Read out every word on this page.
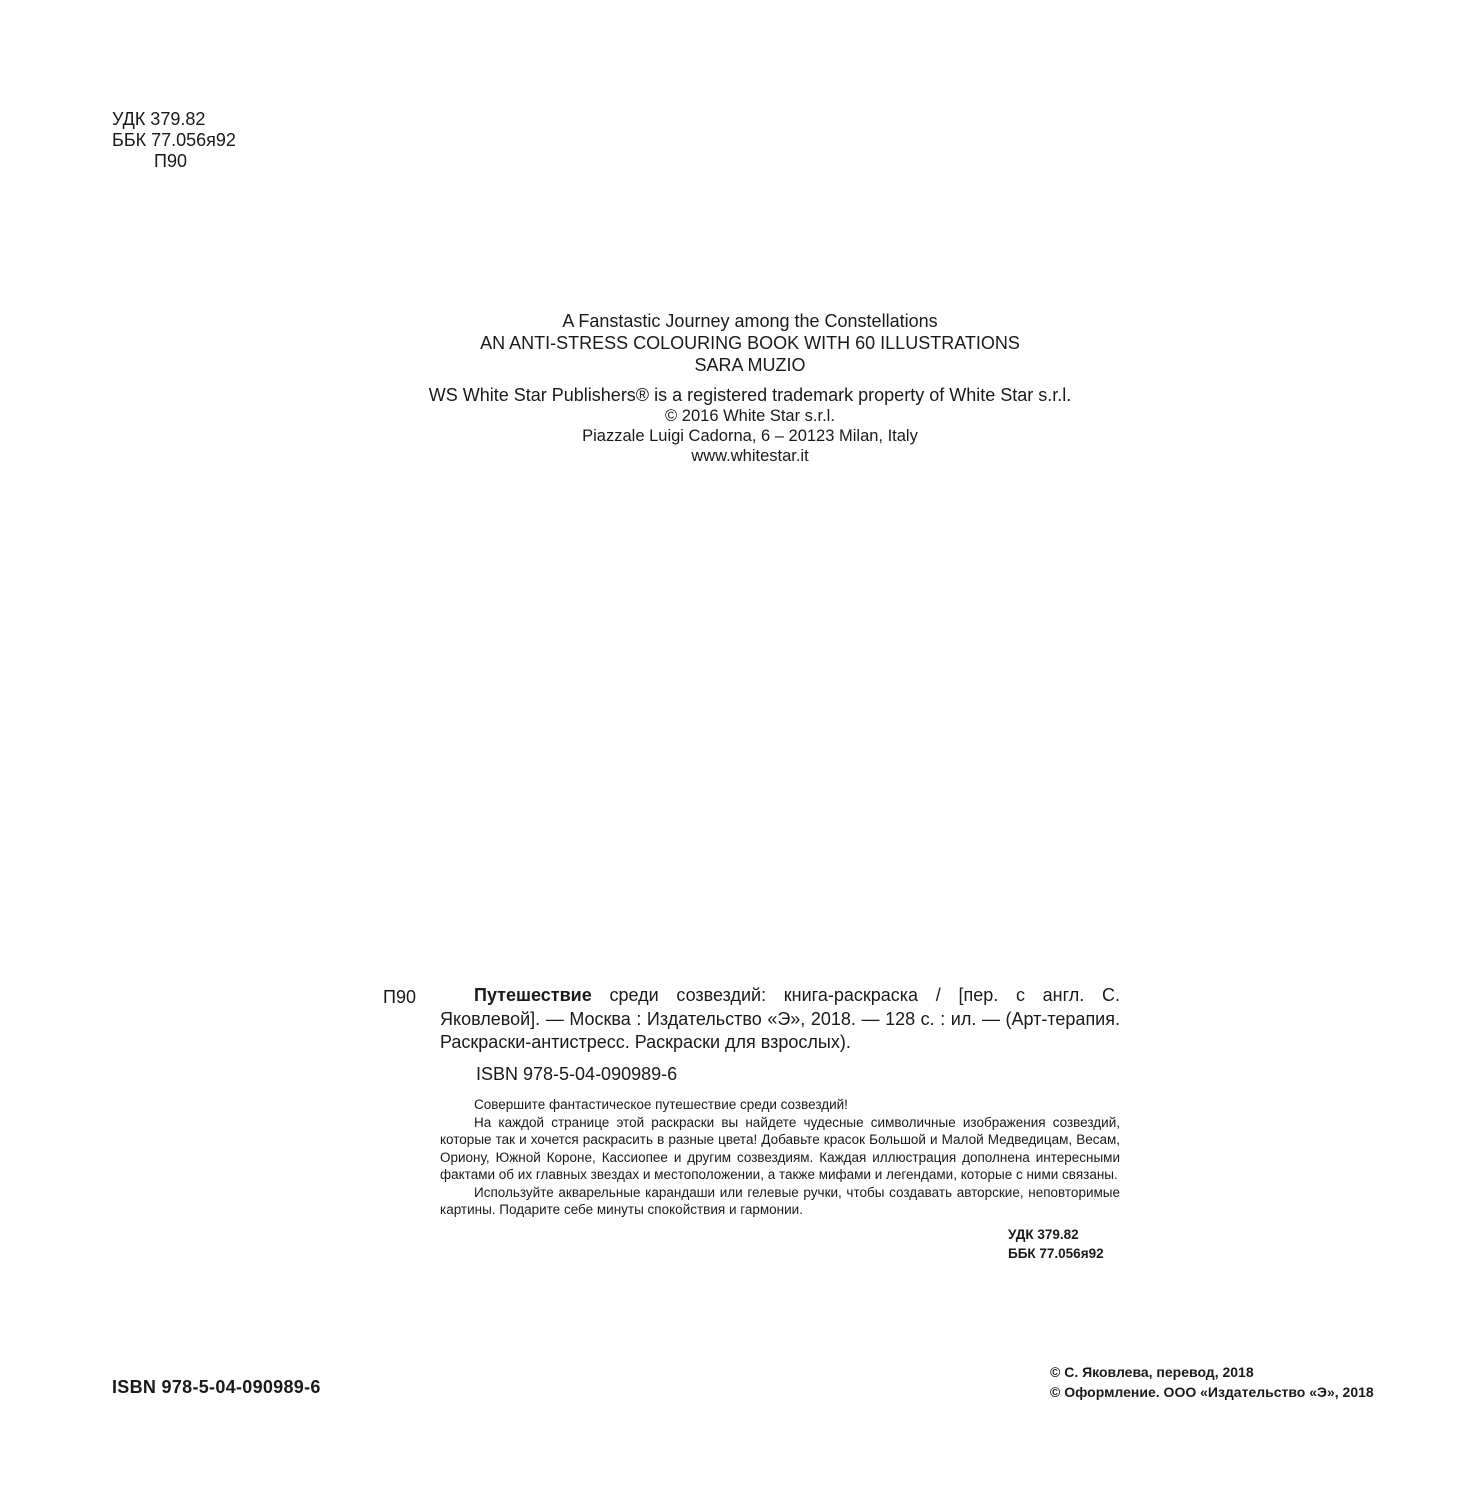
УДК 379.82
ББК 77.056я92
П90
A Fanstastic Journey among the Constellations
AN ANTI-STRESS COLOURING BOOK WITH 60 ILLUSTRATIONS
SARA MUZIO
WS White Star Publishers® is a registered trademark property of White Star s.r.l.
© 2016 White Star s.r.l.
Piazzale Luigi Cadorna, 6 – 20123 Milan, Italy
www.whitestar.it
П90	Путешествие среди созвездий: книга-раскраска / [пер. с англ. С. Яковлевой]. — Москва : Издательство «Э», 2018. — 128 с. : ил. — (Арт-терапия. Раскраски-антистресс. Раскраски для взрослых).

ISBN 978-5-04-090989-6

Совершите фантастическое путешествие среди созвездий!

На каждой странице этой раскраски вы найдете чудесные символичные изображения созвездий, которые так и хочется раскрасить в разные цвета! Добавьте красок Большой и Малой Медведицам, Весам, Ориону, Южной Короне, Кассиопее и другим созвездиям. Каждая иллюстрация дополнена интересными фактами об их главных звездах и местоположении, а также мифами и легендами, которые с ними связаны.

Используйте акварельные карандаши или гелевые ручки, чтобы создавать авторские, неповторимые картины. Подарите себе минуты спокойствия и гармонии.

УДК 379.82
ББК 77.056я92
ISBN 978-5-04-090989-6
© С. Яковлева, перевод, 2018
© Оформление. ООО «Издательство «Э», 2018
